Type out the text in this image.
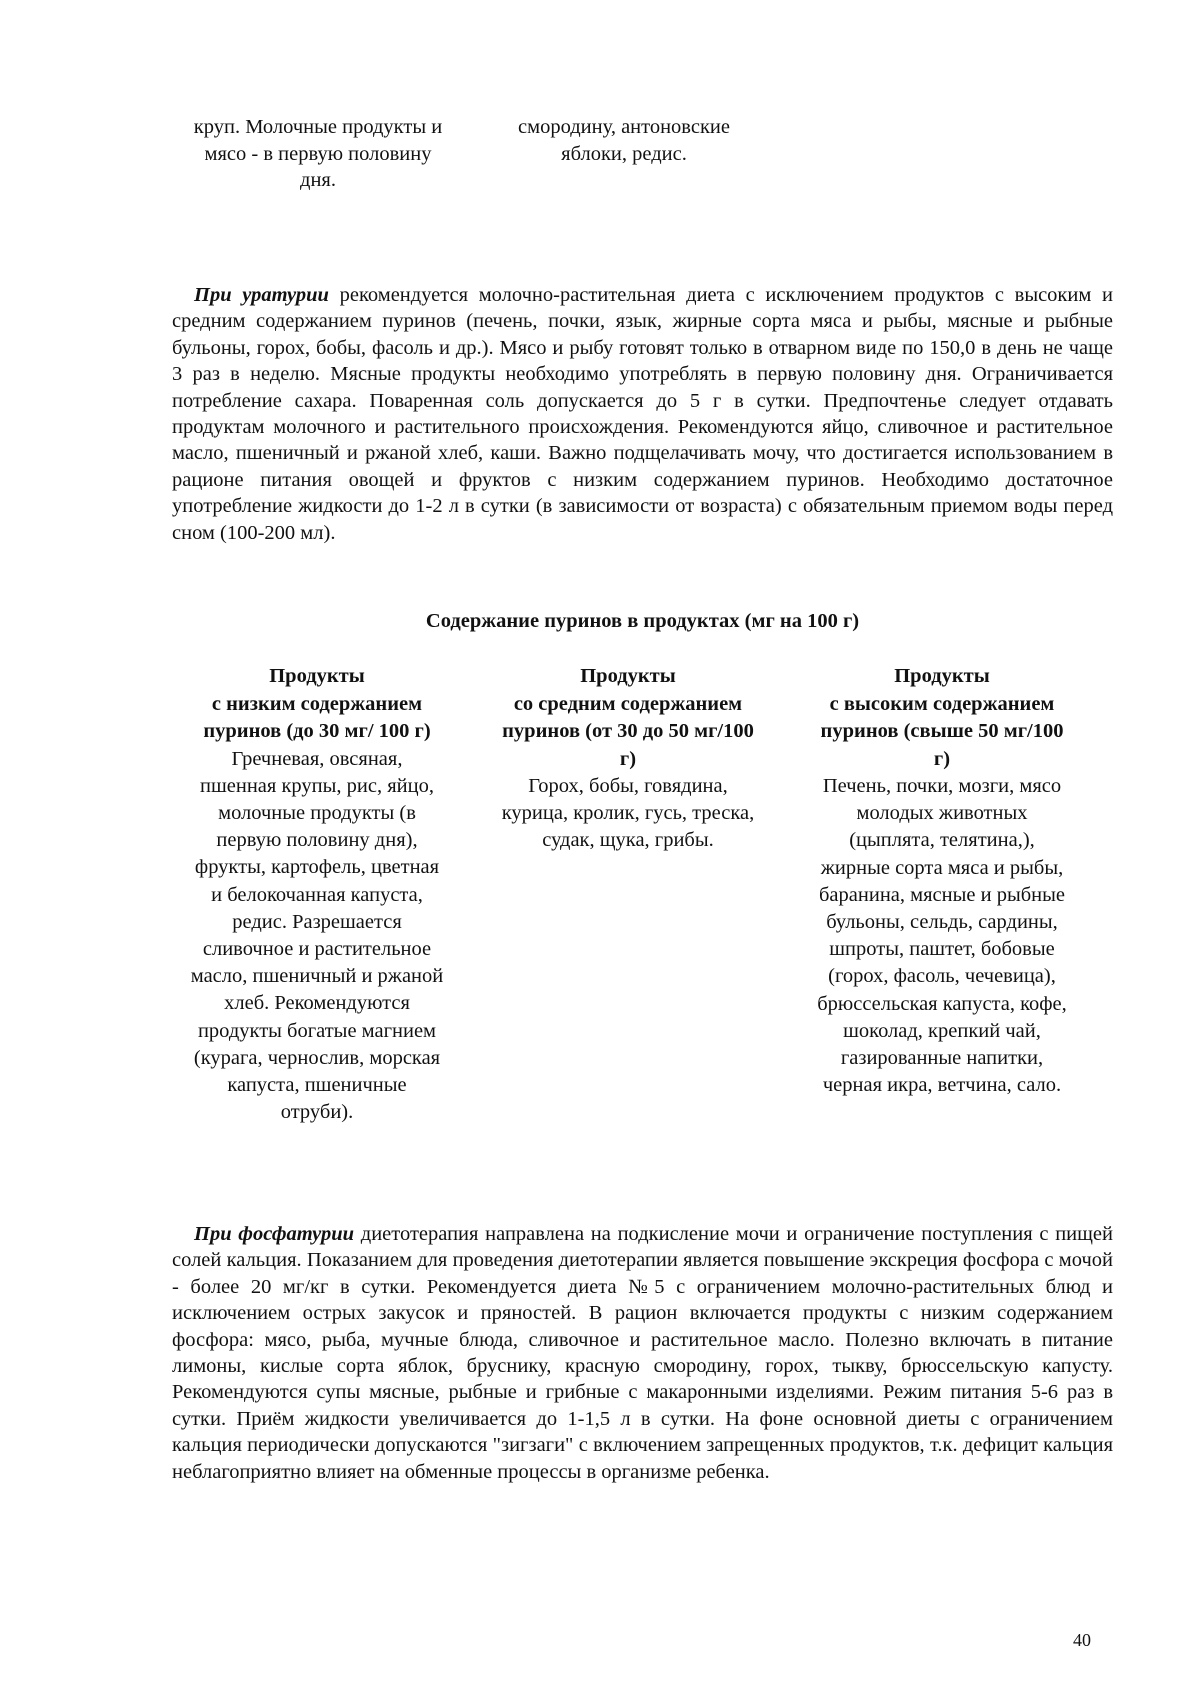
круп. Молочные продукты и
мясо - в первую половину
дня.
смородину, антоновские
яблоки, редис.

При уратурии рекомендуется молочно-растительная диета с исключением продуктов с высоким и средним содержанием пуринов (печень, почки, язык, жирные сорта мяса и рыбы, мясные и рыбные бульоны, горох, бобы, фасоль и др.). Мясо и рыбу готовят только в отварном виде по 150,0 в день не чаще 3 раз в неделю. Мясные продукты необходимо употреблять в первую половину дня. Ограничивается потребление сахара. Поваренная соль допускается до 5 г в сутки. Предпочтенье следует отдавать продуктам молочного и растительного происхождения. Рекомендуются яйцо, сливочное и растительное масло, пшеничный и ржаной хлеб, каши. Важно подщелачивать мочу, что достигается использованием в рационе питания овощей и фруктов с низким содержанием пуринов. Необходимо достаточное употребление жидкости до 1-2 л в сутки (в зависимости от возраста) с обязательным приемом воды перед сном (100-200 мл).

Содержание пуринов в продуктах (мг на 100 г)
Продукты
с низким содержанием
пуринов (до 30 мг/ 100 г)
Гречневая, овсяная,
пшенная крупы, рис, яйцо,
молочные продукты (в
первую половину дня),
фрукты, картофель, цветная
и белокочанная капуста,
редис. Разрешается
сливочное и растительное
масло, пшеничный и ржаной
хлеб. Рекомендуются
продукты богатые магнием
(курага, чернослив, морская
капуста, пшеничные
отруби).
Продукты
со средним содержанием
пуринов (от 30 до 50 мг/100
г)
Горох, бобы, говядина,
курица, кролик, гусь, треска,
судак, щука, грибы.
Продукты
с высоким содержанием
пуринов (свыше 50 мг/100
г)
Печень, почки, мозги, мясо
молодых животных
(цыплята, телятина,),
жирные сорта мяса и рыбы,
баранина, мясные и рыбные
бульоны, сельдь, сардины,
шпроты, паштет, бобовые
(горох, фасоль, чечевица),
брюссельская капуста, кофе,
шоколад, крепкий чай,
газированные напитки,
черная икра, ветчина, сало.

При фосфатурии диетотерапия направлена на подкисление мочи и ограничение поступления с пищей солей кальция. Показанием для проведения диетотерапии является повышение экскреция фосфора с мочой - более 20 мг/кг в сутки. Рекомендуется диета №5 с ограничением молочно-растительных блюд и исключением острых закусок и пряностей. В рацион включается продукты с низким содержанием фосфора: мясо, рыба, мучные блюда, сливочное и растительное масло. Полезно включать в питание лимоны, кислые сорта яблок, бруснику, красную смородину, горох, тыкву, брюссельскую капусту. Рекомендуются супы мясные, рыбные и грибные с макаронными изделиями. Режим питания 5-6 раз в сутки. Приём жидкости увеличивается до 1-1,5 л в сутки. На фоне основной диеты с ограничением кальция периодически допускаются "зигзаги" с включением запрещенных продуктов, т.к. дефицит кальция неблагоприятно влияет на обменные процессы в организме ребенка.

40
